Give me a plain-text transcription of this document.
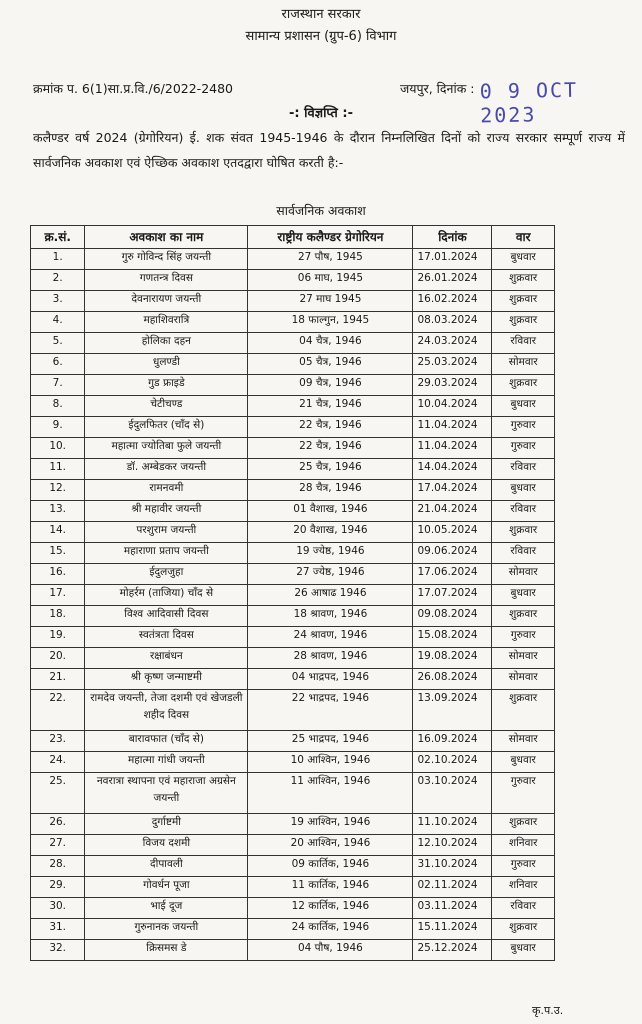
राजस्थान सरकार
सामान्य प्रशासन (ग्रुप-6) विभाग
क्रमांक प. 6(1)सा.प्र.वि./6/2022-2480	जयपुर, दिनांक : 0 9 OCT 2023
-: विज्ञप्ति :-
कलैण्डर वर्ष 2024 (ग्रेगोरियन) ई. शक संवत 1945-1946 के दौरान निम्नलिखित दिनों को राज्य सरकार सम्पूर्ण राज्य में सार्वजनिक अवकाश एवं ऐच्छिक अवकाश एतदद्वारा घोषित करती है:-
सार्वजनिक अवकाश
क्र.सं.	अवकाश का नाम	राष्ट्रीय कलैण्डर ग्रेगोरियन	दिनांक	वार
1.	गुरु गोविन्द सिंह जयन्ती	27 पौष, 1945	17.01.2024	बुधवार
2.	गणतन्त्र दिवस	06 माघ, 1945	26.01.2024	शुक्रवार
3.	देवनारायण जयन्ती	27 माघ 1945	16.02.2024	शुक्रवार
4.	महाशिवरात्रि	18 फाल्गुन, 1945	08.03.2024	शुक्रवार
5.	होलिका दहन	04 चैत्र, 1946	24.03.2024	रविवार
6.	धुलण्डी	05 चैत्र, 1946	25.03.2024	सोमवार
7.	गुड फ्राइडे	09 चैत्र, 1946	29.03.2024	शुक्रवार
8.	चेटीचण्ड	21 चैत्र, 1946	10.04.2024	बुधवार
9.	ईदुलफितर (चाँद से)	22 चैत्र, 1946	11.04.2024	गुरुवार
10.	महात्मा ज्योतिबा फुले जयन्ती	22 चैत्र, 1946	11.04.2024	गुरुवार
11.	डॉ. अम्बेडकर जयन्ती	25 चैत्र, 1946	14.04.2024	रविवार
12.	रामनवमी	28 चैत्र, 1946	17.04.2024	बुधवार
13.	श्री महावीर जयन्ती	01 वैशाख, 1946	21.04.2024	रविवार
14.	परशुराम जयन्ती	20 वैशाख, 1946	10.05.2024	शुक्रवार
15.	महाराणा प्रताप जयन्ती	19 ज्येष्ठ, 1946	09.06.2024	रविवार
16.	ईदुलजुहा	27 ज्येष्ठ, 1946	17.06.2024	सोमवार
17.	मोहर्रम (ताजिया) चाँद से	26 आषाढ 1946	17.07.2024	बुधवार
18.	विश्व आदिवासी दिवस	18 श्रावण, 1946	09.08.2024	शुक्रवार
19.	स्वतंत्रता दिवस	24 श्रावण, 1946	15.08.2024	गुरुवार
20.	रक्षाबंधन	28 श्रावण, 1946	19.08.2024	सोमवार
21.	श्री कृष्ण जन्माष्टमी	04 भाद्रपद, 1946	26.08.2024	सोमवार
22.	रामदेव जयन्ती, तेजा दशमी एवं खेजडली शहीद दिवस	22 भाद्रपद, 1946	13.09.2024	शुक्रवार
23.	बारावफात (चाँद से)	25 भाद्रपद, 1946	16.09.2024	सोमवार
24.	महात्मा गांधी जयन्ती	10 आश्विन, 1946	02.10.2024	बुधवार
25.	नवरात्रा स्थापना एवं महाराजा अग्रसेन जयन्ती	11 आश्विन, 1946	03.10.2024	गुरुवार
26.	दुर्गाष्टमी	19 आश्विन, 1946	11.10.2024	शुक्रवार
27.	विजय दशमी	20 आश्विन, 1946	12.10.2024	शनिवार
28.	दीपावली	09 कार्तिक, 1946	31.10.2024	गुरुवार
29.	गोवर्धन पूजा	11 कार्तिक, 1946	02.11.2024	शनिवार
30.	भाई दूज	12 कार्तिक, 1946	03.11.2024	रविवार
31.	गुरुनानक जयन्ती	24 कार्तिक, 1946	15.11.2024	शुक्रवार
32.	क्रिसमस डे	04 पौष, 1946	25.12.2024	बुधवार
कृ.प.उ.
